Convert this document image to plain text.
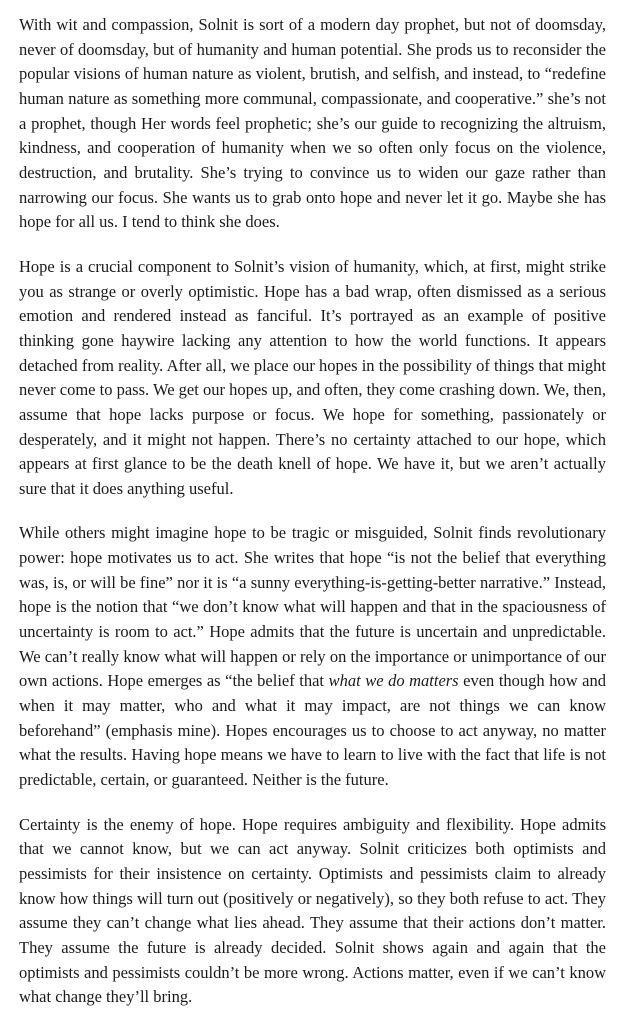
With wit and compassion, Solnit is sort of a modern day prophet, but not of doomsday, never of doomsday, but of humanity and human potential. She prods us to reconsider the popular visions of human nature as violent, brutish, and selfish, and instead, to “redefine human nature as something more communal, compassionate, and cooperative.” she’s not a prophet, though Her words feel prophetic; she’s our guide to recognizing the altruism, kindness, and cooperation of humanity when we so often only focus on the violence, destruction, and brutality. She’s trying to convince us to widen our gaze rather than narrowing our focus. She wants us to grab onto hope and never let it go. Maybe she has hope for all us. I tend to think she does.

Hope is a crucial component to Solnit’s vision of humanity, which, at first, might strike you as strange or overly optimistic. Hope has a bad wrap, often dismissed as a serious emotion and rendered instead as fanciful. It’s portrayed as an example of positive thinking gone haywire lacking any attention to how the world functions. It appears detached from reality. After all, we place our hopes in the possibility of things that might never come to pass. We get our hopes up, and often, they come crashing down. We, then, assume that hope lacks purpose or focus. We hope for something, passionately or desperately, and it might not happen. There’s no certainty attached to our hope, which appears at first glance to be the death knell of hope. We have it, but we aren’t actually sure that it does anything useful.

While others might imagine hope to be tragic or misguided, Solnit finds revolutionary power: hope motivates us to act. She writes that hope “is not the belief that everything was, is, or will be fine” nor it is “a sunny everything-is-getting-better narrative.” Instead, hope is the notion that “we don’t know what will happen and that in the spaciousness of uncertainty is room to act.” Hope admits that the future is uncertain and unpredictable. We can’t really know what will happen or rely on the importance or unimportance of our own actions. Hope emerges as “the belief that what we do matters even though how and when it may matter, who and what it may impact, are not things we can know beforehand” (emphasis mine). Hopes encourages us to choose to act anyway, no matter what the results. Having hope means we have to learn to live with the fact that life is not predictable, certain, or guaranteed. Neither is the future.

Certainty is the enemy of hope. Hope requires ambiguity and flexibility. Hope admits that we cannot know, but we can act anyway. Solnit criticizes both optimists and pessimists for their insistence on certainty. Optimists and pessimists claim to already know how things will turn out (positively or negatively), so they both refuse to act. They assume they can’t change what lies ahead. They assume that their actions don’t matter. They assume the future is already decided. Solnit shows again and again that the optimists and pessimists couldn’t be more wrong. Actions matter, even if we can’t know what change they’ll bring.
